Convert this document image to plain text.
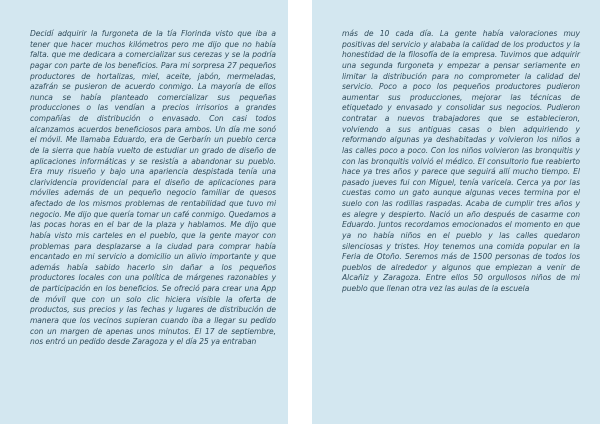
Decidí adquirir la furgoneta de la tía Florinda visto que iba a tener que hacer muchos kilómetros pero me dijo que no había falta. que me dedicara a comercializar sus cerezas y se la podría pagar con parte de los beneficios. Para mi sorpresa 27 pequeños productores de hortalizas, miel, aceite, jabón, mermeladas, azafrán se pusieron de acuerdo conmigo. La mayoría de ellos nunca se había planteado comercializar sus pequeñas producciones o las vendían a precios irrisorios a grandes compañías de distribución o envasado. Con casi todos alcanzamos acuerdos beneficiosos para ambos. Un día me sonó el móvil. Me llamaba Eduardo, era de Gerbarín un pueblo cerca de la sierra que había vuelto de estudiar un grado de diseño de aplicaciones informáticas y se resistía a abandonar su pueblo. Era muy risueño y bajo una apariencia despistada tenía una clarividencia providencial para el diseño de aplicaciones para móviles además de un pequeño negocio familiar de quesos afectado de los mismos problemas de rentabilidad que tuvo mi negocio. Me dijo que quería tomar un café conmigo. Quedamos a las pocas horas en el bar de la plaza y hablamos. Me dijo que había visto mis carteles en el pueblo, que la gente mayor con problemas para desplazarse a la ciudad para comprar había encantado en mi servicio a domicilio un alivio importante y que además había sabido hacerlo sin dañar a los pequeños productores locales con una política de márgenes razonables y de participación en los beneficios. Se ofreció para crear una App de móvil que con un solo clic hiciera visible la oferta de productos, sus precios y las fechas y lugares de distribución de manera que los vecinos supieran cuando iba a llegar su pedido con un margen de apenas unos minutos. El 17 de septiembre, nos entró un pedido desde Zaragoza y el día 25 ya entraban

más de 10 cada día. La gente había valoraciones muy positivas del servicio y alababa la calidad de los productos y la honestidad de la filosofía de la empresa. Tuvimos que adquirir una segunda furgoneta y empezar a pensar seriamente en limitar la distribución para no comprometer la calidad del servicio. Poco a poco los pequeños productores pudieron aumentar sus producciones, mejorar las técnicas de etiquetado y envasado y consolidar sus negocios. Pudieron contratar a nuevos trabajadores que se establecieron, volviendo a sus antiguas casas o bien adquiriendo y reformando algunas ya deshabitadas y volvieron los niños a las calles poco a poco. Con los niños volvieron las bronquitis y con las bronquitis volvió el médico. El consultorio fue reabierto hace ya tres años y parece que seguirá allí mucho tiempo. El pasado jueves fui con Miguel, tenía varicela. Cerca ya por las cuestas como un gato aunque algunas veces termina por el suelo con las rodillas raspadas. Acaba de cumplir tres años y es alegre y despierto. Nació un año después de casarme con Eduardo. Juntos recordamos emocionados el momento en que ya no había niños en el pueblo y las calles quedaron silenciosas y tristes. Hoy tenemos una comida popular en la Feria de Otoño. Seremos más de 1500 personas de todos los pueblos de alrededor y algunos que empiezan a venir de Alcañiz y Zaragoza. Entre ellos 50 orgullosos niños de mi pueblo que llenan otra vez las aulas de la escuela
